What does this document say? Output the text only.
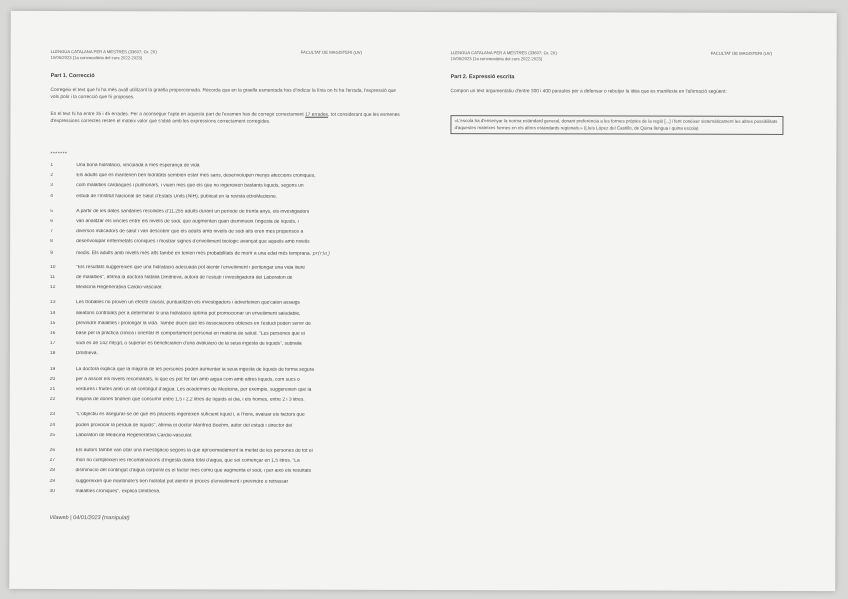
LLENGUA CATALANA PER A MESTRES (33607; Gr. 2X)
10/05/2023 (1a convocatòria del curs 2022-2023)
FACULTAT DE MAGISTERI (UV)
Part 1. Correcció
Corregeix el text que hi ha més avall utilitzant la graella proporcionada. Recorda que en la graella esmentada has d'indicar la línia on hi ha l'errada, l'expressió que vols polir i la correcció que hi proposes.
En el text hi ha entre 35 i 45 errades. Per a aconseguir l'apte en aquesta part de l'examen has de corregir correctament 17 errades, tot considerant que les esmenes d'expressions correctes resten el mateix valor que s'obté amb les expressions correctament corregides.
*******
1	Una bona hidratació, vinculada a més esperança de vida
2	Els adults que es mantenen ben hidratats semblen estar mes sans, desenvolupen menys afeccions cròniques,
3	com malalties cardiaques i pulmonars, i viuen més que els que no ingereixen bastants líquids, segons un
4	estudi de l'Institut Nacional de Salut d'Estats Units (NIH), publicat en la revista eBioMedicine.
5	A partir de les dates sanitaries recollides d'11.255 adults durant un període de trenta anys, els investigadors
6	van analitzar els vincles entre els nivells de sodi, que augmenten quan disminueix l'ingesta de líquids, i
7	diversos indicadors de salut i van descobrir que els adults amb nivells de sodi alts eren més propensos a
8	desenvolupar enfermetats cròniques i mostrar signes d'envelliment biològic avançat que aquells amb nivells
9	medis. Els adults amb nivells més alts també en tenien més probabilitats de morir a una edat més temprana. pr(r)o j̅̅
10	"Els resultats suggereixen que una hidratació adecuada pot alentir l'envelliment i perllongar una vida lliure
11	de malalties", afirma la doctora Natàlia Dmitrieva, autora de l'estudi i investigadora del Laboratori de
12	Medicina Regenerativa Cardio-vascular.
13	Les troballes no proven un efecte causal, puntualitzen els investigadors i adverteixen que'calen assaigs
14	aleatoris controlats per a determinar si una hidratació òptima pot promocionar un envelliment saludable,
15	previndré malalties i prolongar la vida. També diuen que les associacions obteses en l'estudi poden servir de
16	base per la pràctica clínica i orientar el comportament personal en matèria de salud. "Les persones que el
17	sodi és de 142 mEq/L o superior és beneficiarien d'una avaluació de la seua ingesta de liquids", subralla
18	Dmitrieva.
19	La doctora explica que la majoria de les persones poden aumentar la seua ingesta de líquids de forma segura
20	per a assolir els nivells recomanats, lo que es pot fer tan amb aigua com amb altres líquids, com sucs o
21	verdures i fruites amb un alt contingut d'aigua. Les acadèmies de Medicina, per exemple, suggereixen que la
22	majoria de dones tindrien que consumir entre 1,5 i 2,2 litres de líquids al dia, i els homes, entre 2 i 3 litres.
23	"L'objectiu és asegurar-se de que els pacients ingereixen suficient líquid i, a l'hora, avaluar els factors que
24	poden provocar la pèrdua de líquids", afirma el doctor Manfred Boehm, autor del estudi i director del
25	Laboratori de Medicina Regenerativa Cardio-vascular.
26	Els autors també van citar una investigació segons la que aproximadament la meitat de les persones de tot el
27	mon no cumpleixen les recomanacions d'ingesta diaria total d'aigua, que sol començar en 1,5 litros. "La
28	disminució del contingut d'aigua corporal és el factor més comú que augmenta el sodi, i per això els resultats
29	suggereixen que mantindre's ben hidratat pot alentir el procés d'envelliment i previndre o retrassar
30	malalties cròniques", explica Dmitrieva.
Vilaweb | 04/01/2023 (manipulat)
LLENGUA CATALANA PER A MESTRES (33607; Gr. 2X)
10/05/2023 (1a convocatòria del curs 2022-2023)
FACULTAT DE MAGISTERI (UV)
Part 2. Expressió escrita
Compon un text argumentatiu d'entre 300 i 400 paraules per a defensar o rebutjar la idea que es manifesta en l'afirmació següent:
«L'escola ha d'ensenyar la norma estàndard general, donant preferència a les formes pròpies de la regió [...] i fent conèixer sistemàticament les altres possibilitats d'aquestes mateixes formes en els altres estàndards regionals.» (Lluís López del Castillo, de Quina llengua i quina escola)
